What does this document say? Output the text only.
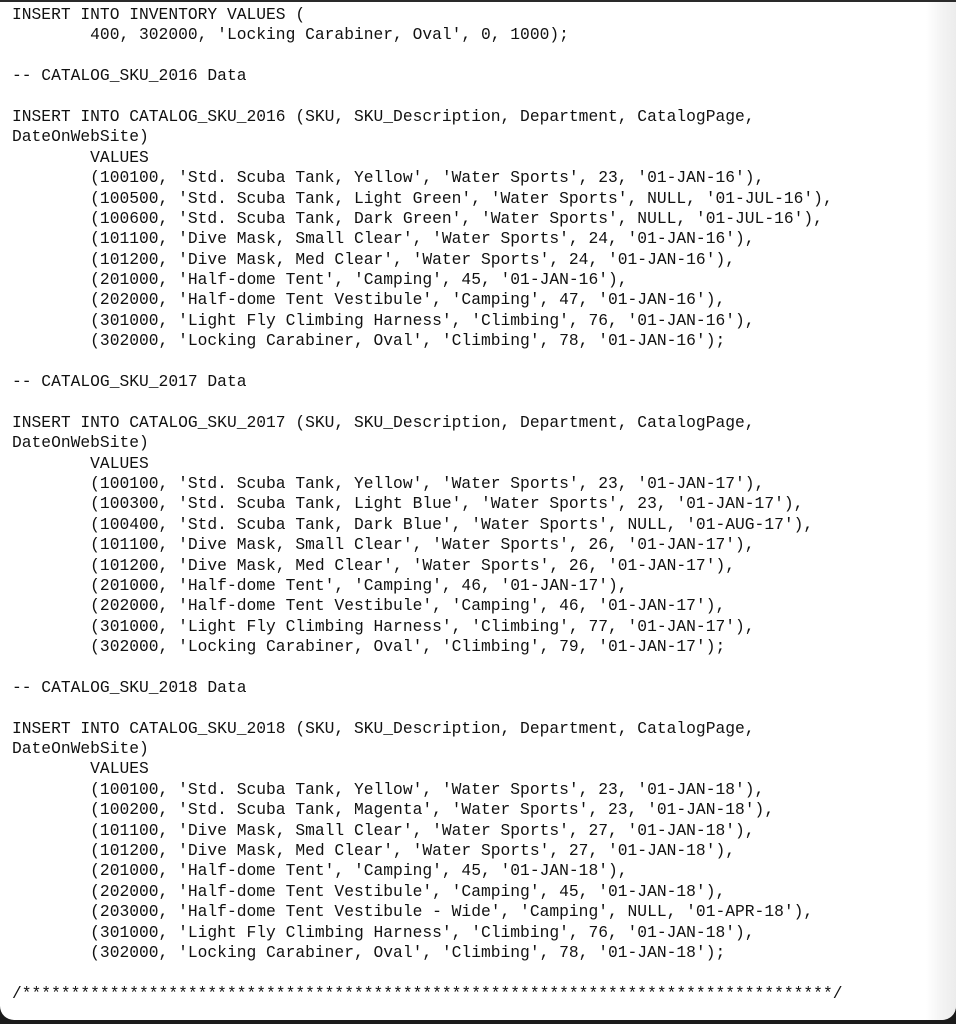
INSERT INTO INVENTORY VALUES (
400, 302000, 'Locking Carabiner, Oval', 0, 1000);
-- CATALOG_SKU_2016 Data
INSERT INTO CATALOG_SKU_2016 (SKU, SKU_Description, Department, CatalogPage,
DateOnWebSite)
VALUES
(100100, 'Std. Scuba Tank, Yellow', 'Water Sports', 23, '01-JAN-16'),
(100500, 'Std. Scuba Tank, Light Green', 'Water Sports', NULL, '01-JUL-16'),
(100600, 'Std. Scuba Tank, Dark Green', 'Water Sports', NULL, '01-JUL-16'),
(101100, 'Dive Mask, Small Clear', 'Water Sports', 24, '01-JAN-16'),
(101200, 'Dive Mask, Med Clear', 'Water Sports', 24, '01-JAN-16'),
(201000, 'Half-dome Tent', 'Camping', 45, '01-JAN-16'),
(202000, 'Half-dome Tent Vestibule', 'Camping', 47, '01-JAN-16'),
(301000, 'Light Fly Climbing Harness', 'Climbing', 76, '01-JAN-16'),
(302000, 'Locking Carabiner, Oval', 'Climbing', 78, '01-JAN-16');
-- CATALOG_SKU_2017 Data
INSERT INTO CATALOG_SKU_2017 (SKU, SKU_Description, Department, CatalogPage,
DateOnWebSite)
VALUES
(100100, 'Std. Scuba Tank, Yellow', 'Water Sports', 23, '01-JAN-17'),
(100300, 'Std. Scuba Tank, Light Blue', 'Water Sports', 23, '01-JAN-17'),
(100400, 'Std. Scuba Tank, Dark Blue', 'Water Sports', NULL, '01-AUG-17'),
(101100, 'Dive Mask, Small Clear', 'Water Sports', 26, '01-JAN-17'),
(101200, 'Dive Mask, Med Clear', 'Water Sports', 26, '01-JAN-17'),
(201000, 'Half-dome Tent', 'Camping', 46, '01-JAN-17'),
(202000, 'Half-dome Tent Vestibule', 'Camping', 46, '01-JAN-17'),
(301000, 'Light Fly Climbing Harness', 'Climbing', 77, '01-JAN-17'),
(302000, 'Locking Carabiner, Oval', 'Climbing', 79, '01-JAN-17');
-- CATALOG_SKU_2018 Data
INSERT INTO CATALOG_SKU_2018 (SKU, SKU_Description, Department, CatalogPage,
DateOnWebSite)
VALUES
(100100, 'Std. Scuba Tank, Yellow', 'Water Sports', 23, '01-JAN-18'),
(100200, 'Std. Scuba Tank, Magenta', 'Water Sports', 23, '01-JAN-18'),
(101100, 'Dive Mask, Small Clear', 'Water Sports', 27, '01-JAN-18'),
(101200, 'Dive Mask, Med Clear', 'Water Sports', 27, '01-JAN-18'),
(201000, 'Half-dome Tent', 'Camping', 45, '01-JAN-18'),
(202000, 'Half-dome Tent Vestibule', 'Camping', 45, '01-JAN-18'),
(203000, 'Half-dome Tent Vestibule - Wide', 'Camping', NULL, '01-APR-18'),
(301000, 'Light Fly Climbing Harness', 'Climbing', 76, '01-JAN-18'),
(302000, 'Locking Carabiner, Oval', 'Climbing', 78, '01-JAN-18');
/***********************************************************************************/
